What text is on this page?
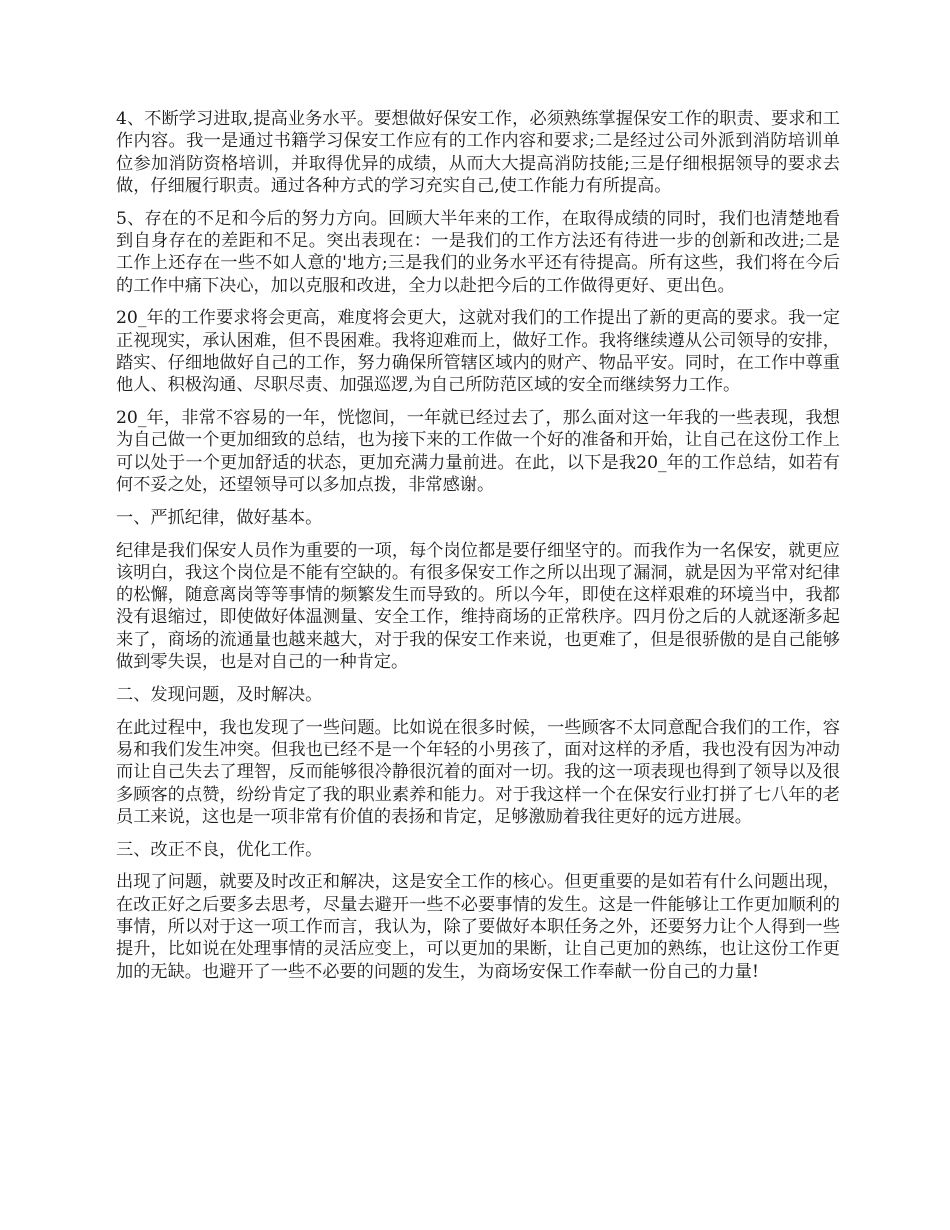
4、不断学习进取,提高业务水平。要想做好保安工作，必须熟练掌握保安工作的职责、要求和工作内容。我一是通过书籍学习保安工作应有的工作内容和要求;二是经过公司外派到消防培训单位参加消防资格培训，并取得优异的成绩，从而大大提高消防技能;三是仔细根据领导的要求去做，仔细履行职责。通过各种方式的学习充实自己,使工作能力有所提高。

5、存在的不足和今后的努力方向。回顾大半年来的工作，在取得成绩的同时，我们也清楚地看到自身存在的差距和不足。突出表现在：一是我们的工作方法还有待进一步的创新和改进;二是工作上还存在一些不如人意的'地方;三是我们的业务水平还有待提高。所有这些，我们将在今后的工作中痛下决心，加以克服和改进，全力以赴把今后的工作做得更好、更出色。

20_年的工作要求将会更高，难度将会更大，这就对我们的工作提出了新的更高的要求。我一定正视现实，承认困难，但不畏困难。我将迎难而上，做好工作。我将继续遵从公司领导的安排，踏实、仔细地做好自己的工作，努力确保所管辖区域内的财产、物品平安。同时，在工作中尊重他人、积极沟通、尽职尽责、加强巡逻,为自己所防范区域的安全而继续努力工作。

20_年，非常不容易的一年，恍惚间，一年就已经过去了，那么面对这一年我的一些表现，我想为自己做一个更加细致的总结，也为接下来的工作做一个好的准备和开始，让自己在这份工作上可以处于一个更加舒适的状态，更加充满力量前进。在此，以下是我20_年的工作总结，如若有何不妥之处，还望领导可以多加点拨，非常感谢。

一、严抓纪律，做好基本。

纪律是我们保安人员作为重要的一项，每个岗位都是要仔细坚守的。而我作为一名保安，就更应该明白，我这个岗位是不能有空缺的。有很多保安工作之所以出现了漏洞，就是因为平常对纪律的松懈，随意离岗等等事情的频繁发生而导致的。所以今年，即使在这样艰难的环境当中，我都没有退缩过，即使做好体温测量、安全工作，维持商场的正常秩序。四月份之后的人就逐渐多起来了，商场的流通量也越来越大，对于我的保安工作来说，也更难了，但是很骄傲的是自己能够做到零失误，也是对自己的一种肯定。

二、发现问题，及时解决。

在此过程中，我也发现了一些问题。比如说在很多时候，一些顾客不太同意配合我们的工作，容易和我们发生冲突。但我也已经不是一个年轻的小男孩了，面对这样的矛盾，我也没有因为冲动而让自己失去了理智，反而能够很冷静很沉着的面对一切。我的这一项表现也得到了领导以及很多顾客的点赞，纷纷肯定了我的职业素养和能力。对于我这样一个在保安行业打拼了七八年的老员工来说，这也是一项非常有价值的表扬和肯定，足够激励着我往更好的远方进展。

三、改正不良，优化工作。

出现了问题，就要及时改正和解决，这是安全工作的核心。但更重要的是如若有什么问题出现，在改正好之后要多去思考，尽量去避开一些不必要事情的发生。这是一件能够让工作更加顺利的事情，所以对于这一项工作而言，我认为，除了要做好本职任务之外，还要努力让个人得到一些提升，比如说在处理事情的灵活应变上，可以更加的果断，让自己更加的熟练，也让这份工作更加的无缺。也避开了一些不必要的问题的发生，为商场安保工作奉献一份自己的力量!
